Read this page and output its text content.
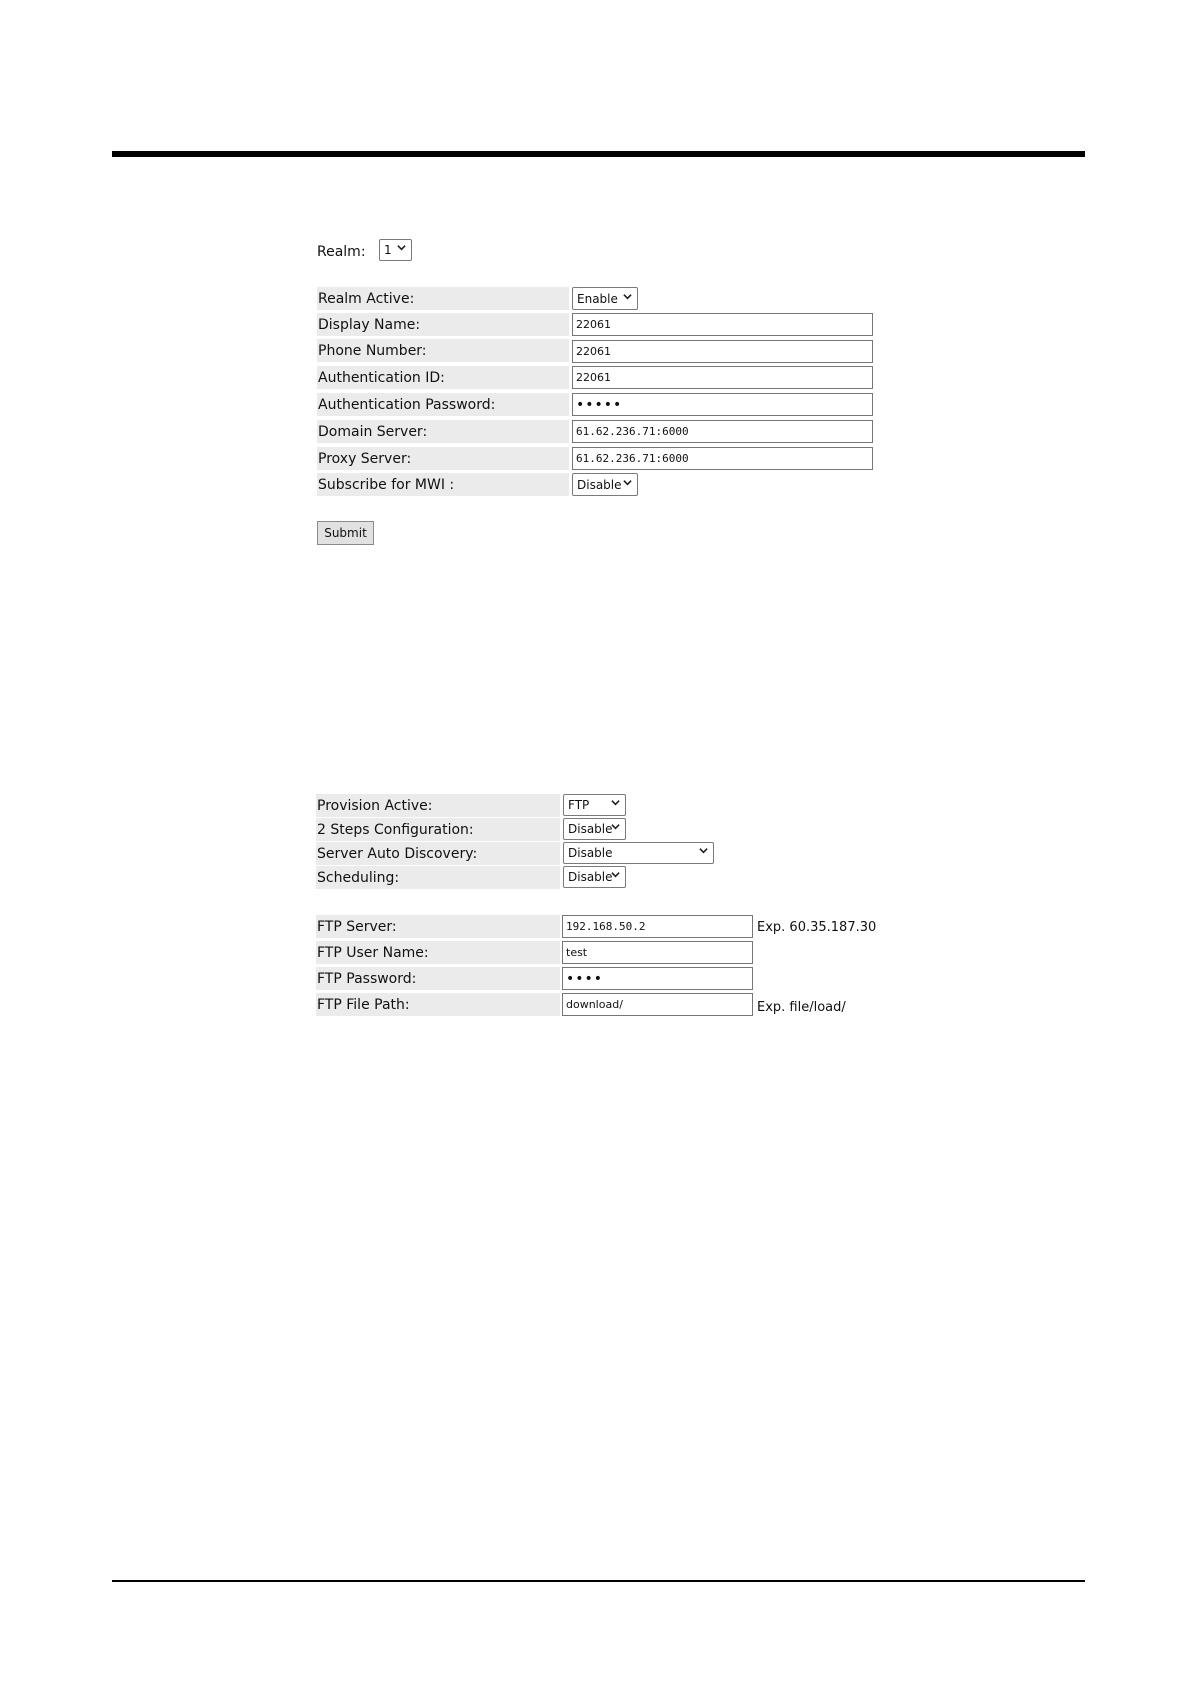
Realm: 1
Realm Active:	Enable
Display Name:	22061
Phone Number:	22061
Authentication ID:	22061
Authentication Password:	•••••
Domain Server:	61.62.236.71:6000
Proxy Server:	61.62.236.71:6000
Subscribe for MWI :	Disable
Submit
Provision Active:	FTP
2 Steps Configuration:	Disable
Server Auto Discovery:	Disable
Scheduling:	Disable
FTP Server:	192.168.50.2	Exp. 60.35.187.30
FTP User Name:	test
FTP Password:	••••
FTP File Path:	download/	Exp. file/load/
